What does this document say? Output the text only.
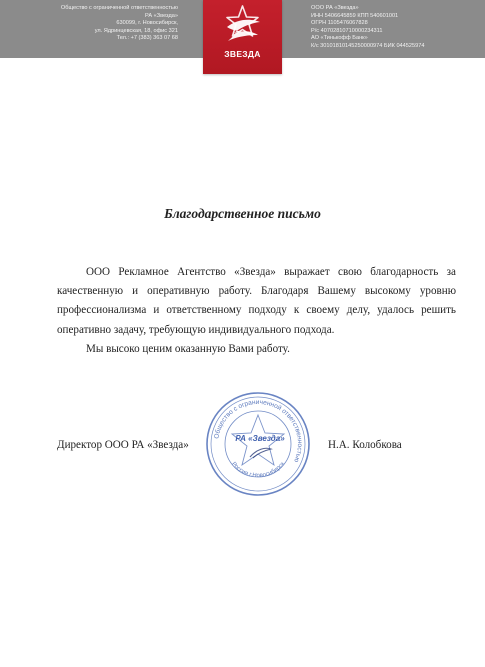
Общество с ограниченной ответственностью
РА «Звезда»
630099, г. Новосибирск,
ул. Ядринцевская, 18, офис 321
Тел.: +7 (383) 363 07 68
ООО РА «Звезда»
ИНН 5406645859 КПП 540601001
ОГРН 1105476067828
Р/с 40702810710000234311
АО «Тинькофф Банк»
К/с 30101810145250000974 БИК 044525974
ЗВЕЗДА
Благодарственное письмо

ООО Рекламное Агентство «Звезда» выражает свою благодарность за качественную и оперативную работу. Благодаря Вашему высокому уровню профессионализма и ответственному подходу к своему делу, удалось решить оперативно задачу, требующую индивидуального подхода.

Мы высоко ценим оказанную Вами работу.

Общество с ограниченной ответственностью
РА «Звезда»
Россия г.Новосибирск
Директор ООО РА «Звезда»	Н.А. Колобкова
